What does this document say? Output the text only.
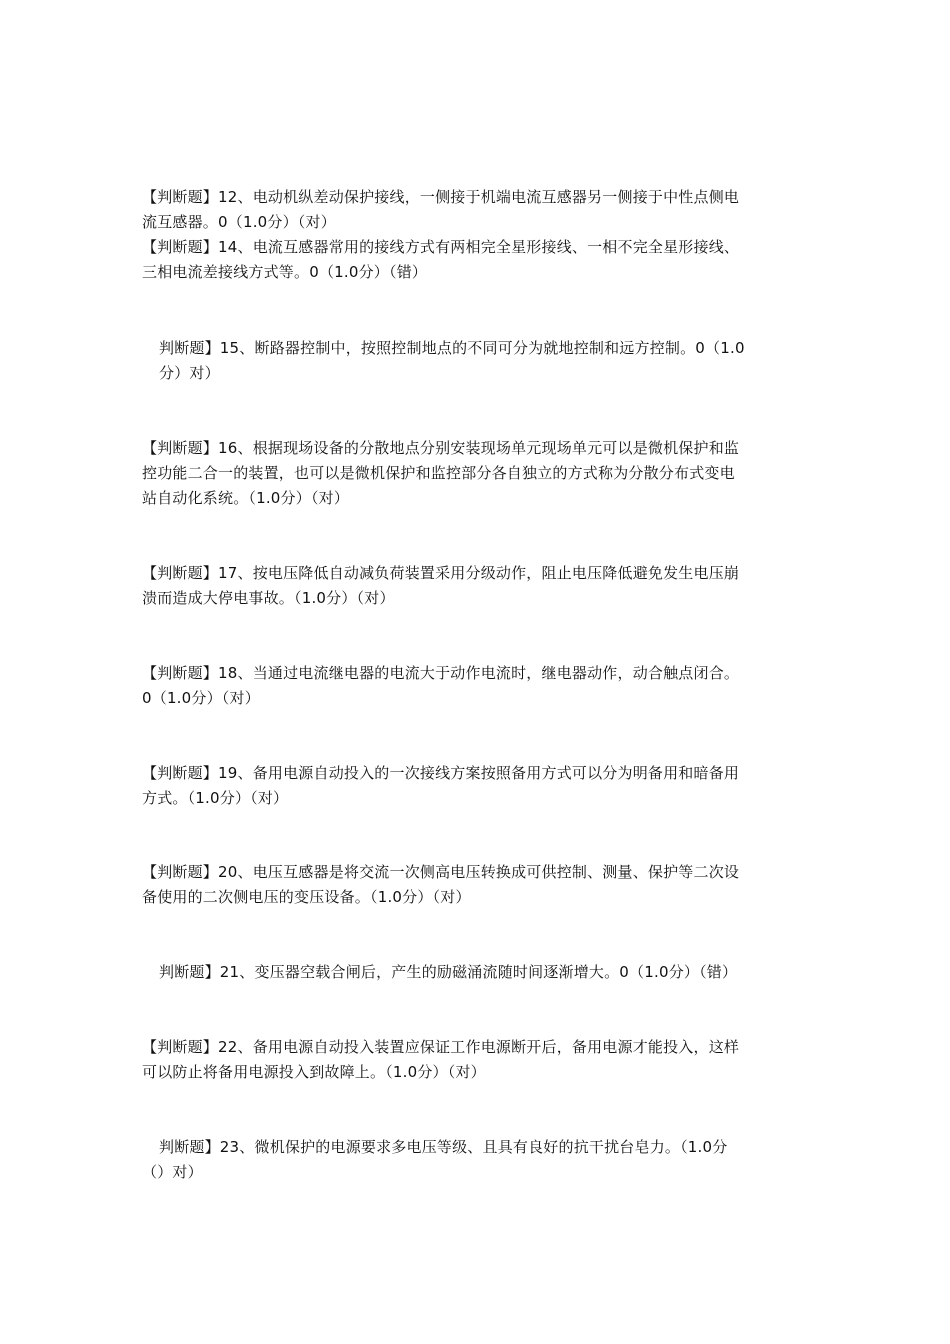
【判断题】12、电动机纵差动保护接线，一侧接于机端电流互感器另一侧接于中性点侧电
流互感器。0（1.0分）（对）
【判断题】14、电流互感器常用的接线方式有两相完全星形接线、一相不完全星形接线、
三相电流差接线方式等。0（1.0分）（错）
判断题】15、断路器控制中，按照控制地点的不同可分为就地控制和远方控制。0（1.0
分）对）
【判断题】16、根据现场设备的分散地点分别安装现场单元现场单元可以是微机保护和监
控功能二合一的装置，也可以是微机保护和监控部分各自独立的方式称为分散分布式变电
站自动化系统。（1.0分）（对）
【判断题】17、按电压降低自动减负荷装置采用分级动作，阻止电压降低避免发生电压崩
溃而造成大停电事故。（1.0分）（对）
【判断题】18、当通过电流继电器的电流大于动作电流时，继电器动作，动合触点闭合。
0（1.0分）（对）
【判断题】19、备用电源自动投入的一次接线方案按照备用方式可以分为明备用和暗备用
方式。（1.0分）（对）
【判断题】20、电压互感器是将交流一次侧高电压转换成可供控制、测量、保护等二次设
备使用的二次侧电压的变压设备。（1.0分）（对）
判断题】21、变压器空载合闸后，产生的励磁涌流随时间逐渐增大。0（1.0分）（错）
【判断题】22、备用电源自动投入装置应保证工作电源断开后，备用电源才能投入，这样
可以防止将备用电源投入到故障上。（1.0分）（对）
判断题】23、微机保护的电源要求多电压等级、且具有良好的抗干扰台皂力。（1.0分
（）对）
